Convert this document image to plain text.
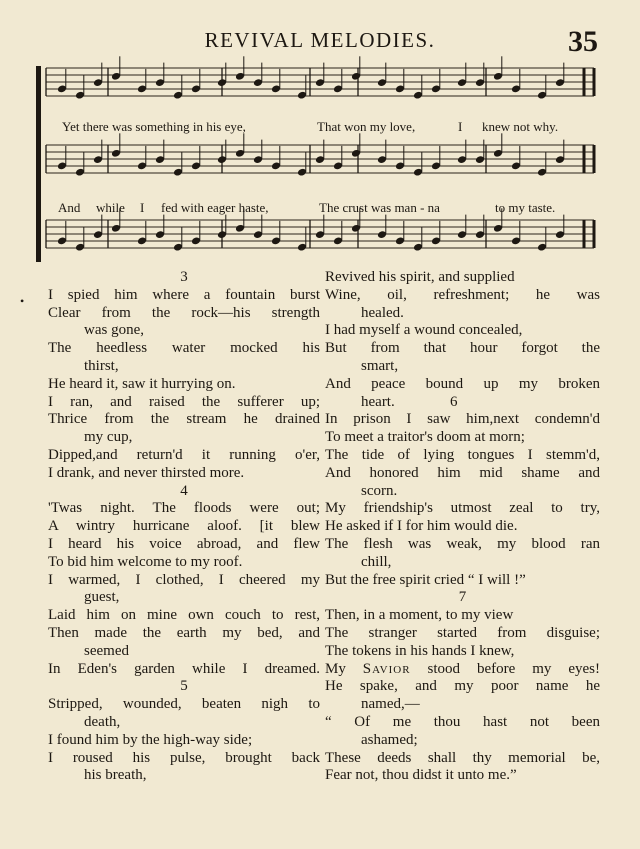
REVIVAL MELODIES.	35
Yet there was something in his eye,	That won my love,	I knew not why.
And while I fed with eager haste,	The crust was man - na	to my taste.
•
3
I spied him where a fountain burst
Clear from the rock—his strength
was gone,
The heedless water mocked his
thirst,
He heard it, saw it hurrying on.
I ran, and raised the sufferer up;
Thrice from the stream he drained
my cup,
Dipped,and return'd it running o'er,
I drank, and never thirsted more.
4
'Twas night. The floods were out;
A wintry hurricane aloof. [it blew
I heard his voice abroad, and flew
To bid him welcome to my roof.
I warmed, I clothed, I cheered my
guest,
Laid him on mine own couch to rest,
Then made the earth my bed, and
seemed
In Eden's garden while I dreamed.
5
Stripped, wounded, beaten nigh to
death,
I found him by the high-way side;
I roused his pulse, brought back
his breath,
Revived his spirit, and supplied
Wine, oil, refreshment; he was
healed.
I had myself a wound concealed,
But from that hour forgot the
smart,
And peace bound up my broken
heart.	6
In prison I saw him,next condemn'd
To meet a traitor's doom at morn;
The tide of lying tongues I stemm'd,
And honored him mid shame and
scorn.
My friendship's utmost zeal to try,
He asked if I for him would die.
The flesh was weak, my blood ran
chill,
But the free spirit cried “ I will !”
7
Then, in a moment, to my view
The stranger started from disguise;
The tokens in his hands I knew,
My Savior stood before my eyes!
He spake, and my poor name he
named,—
“ Of me thou hast not been
ashamed;
These deeds shall thy memorial be,
Fear not, thou didst it unto me.”
